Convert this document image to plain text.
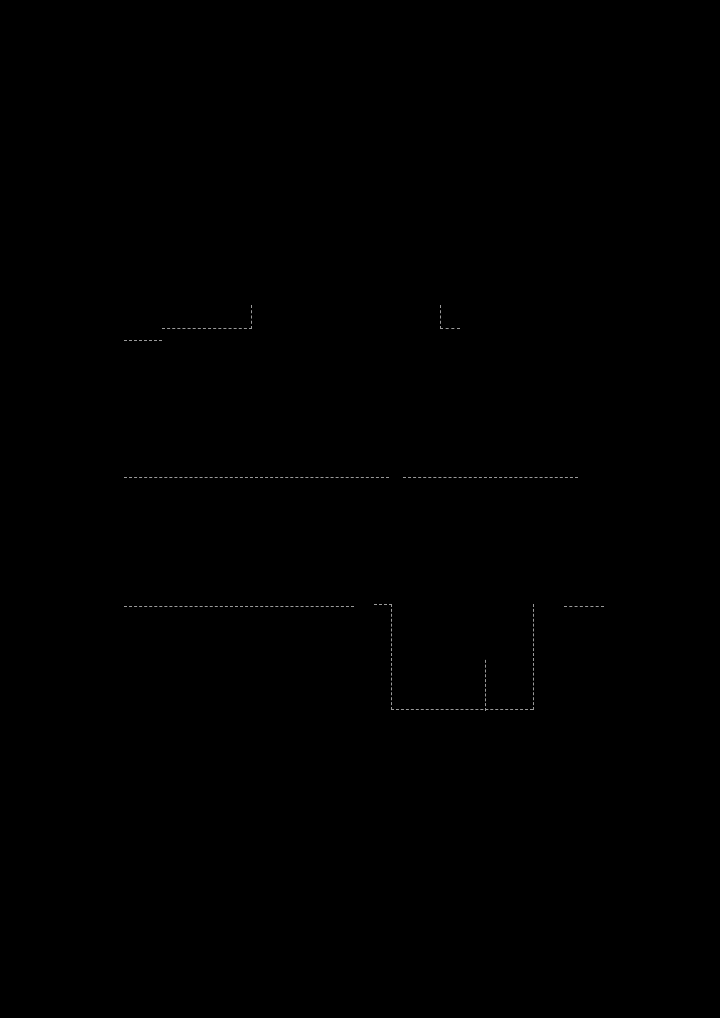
Dachgeschoss
4.55	2.62
6.20
3.86
3.50
4.05	3.01
Dachstudio ges.
ca. 32,22 m²
Schlafzimmer
Badezimmer
0	1	2	3	4	5m
